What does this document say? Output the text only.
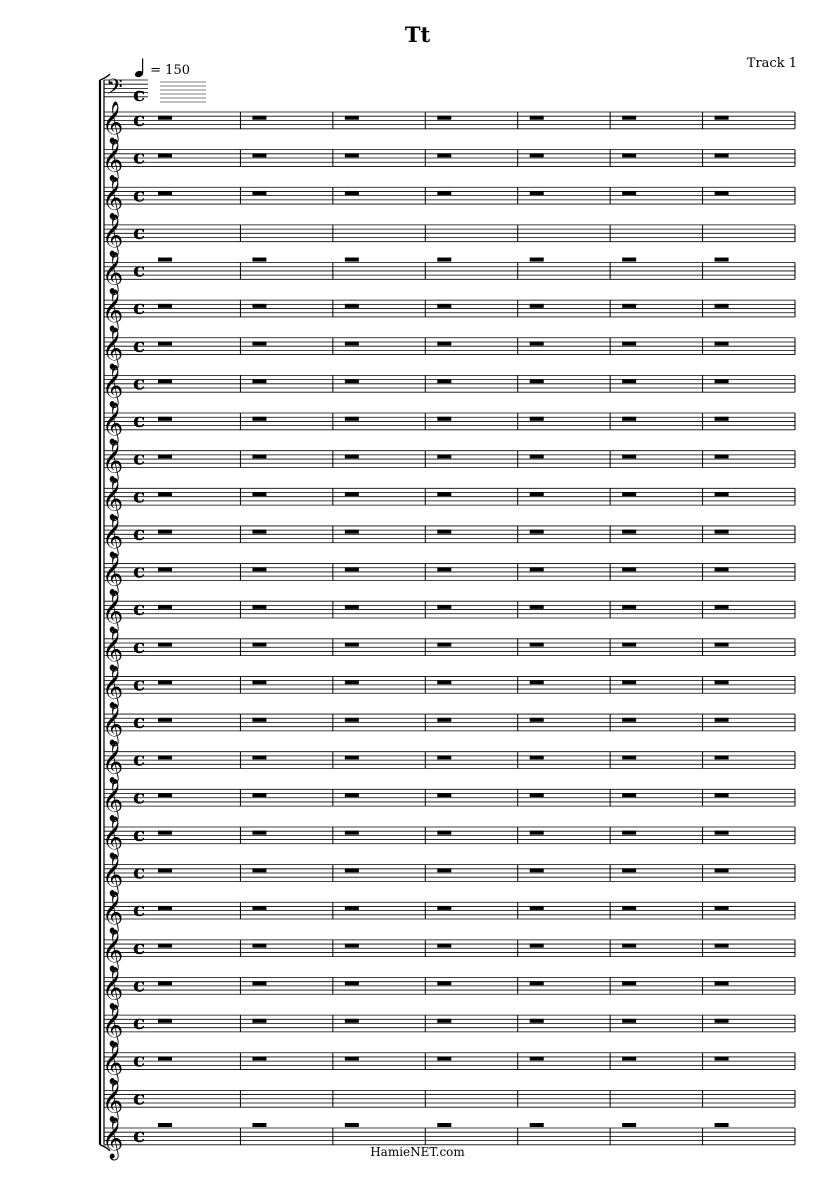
Tt
Track 1
= 150
𝄢 c
𝄞 c
𝄞 c
𝄞 c
𝄞 c
𝄞 c
𝄞 c
𝄞 c
𝄞 c
𝄞 c
𝄞 c
𝄞 c
𝄞 c
𝄞 c
𝄞 c
𝄞 c
𝄞 c
𝄞 c
𝄞 c
𝄞 c
𝄞 c
𝄞 c
𝄞 c
𝄞 c
𝄞 c
𝄞 c
𝄞 c
𝄞 c
𝄞 c
HamieNET.com
